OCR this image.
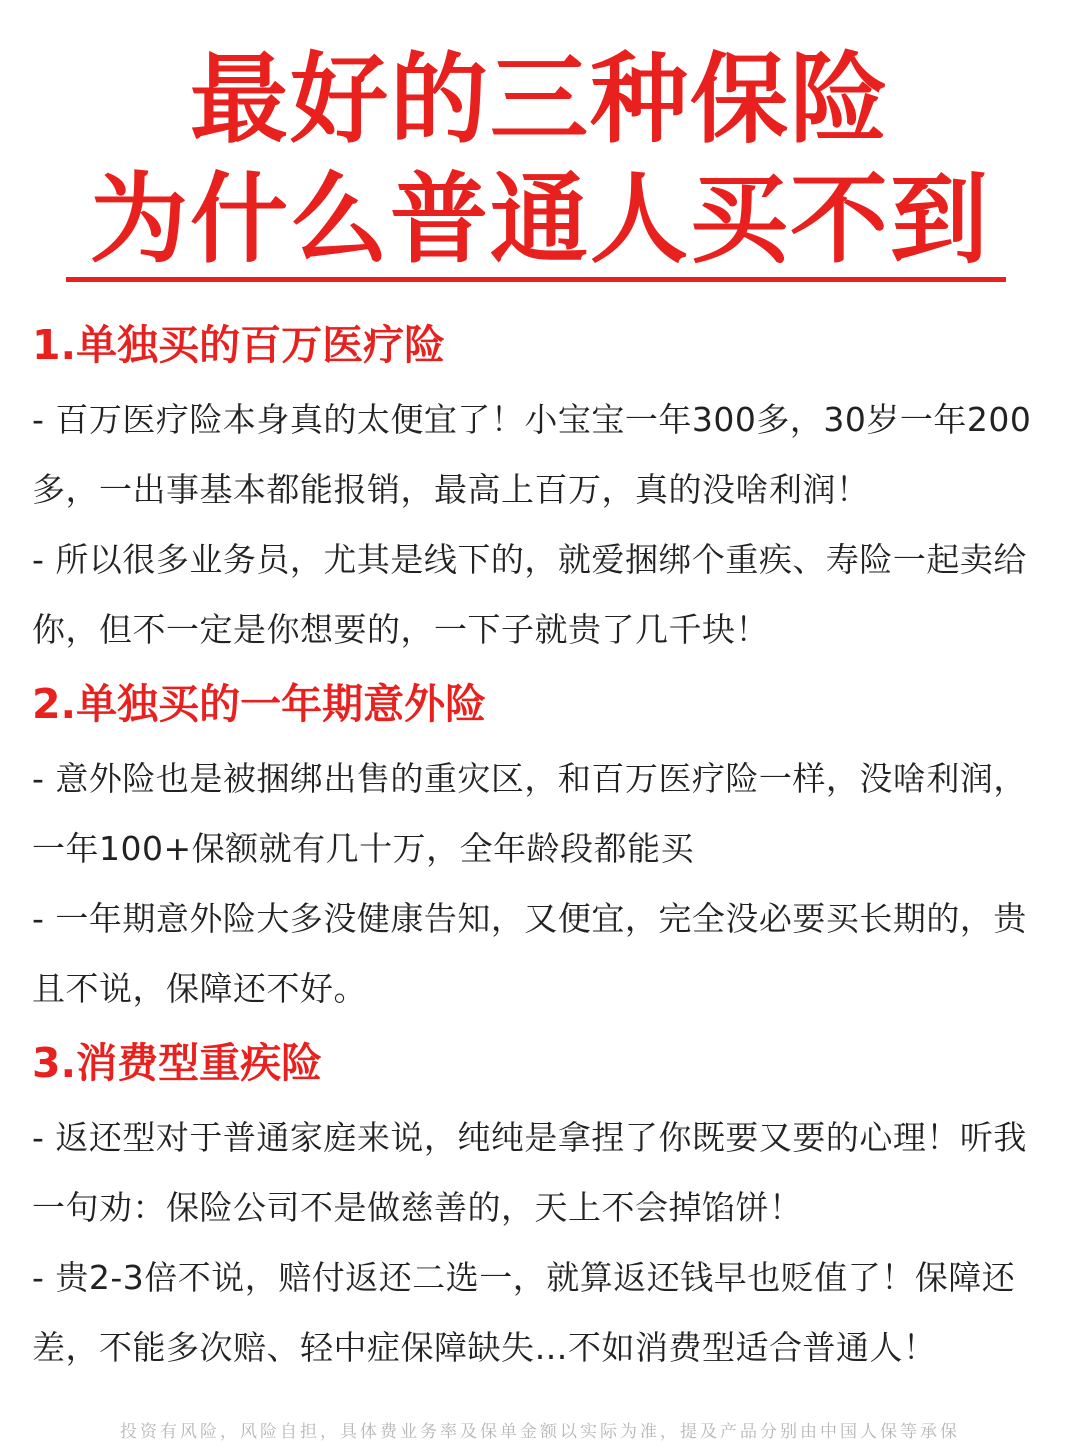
最好的三种保险
为什么普通人买不到
1.单独买的百万医疗险

- 百万医疗险本身真的太便宜了！小宝宝一年300多，30岁一年200多，一出事基本都能报销，最高上百万，真的没啥利润！

- 所以很多业务员，尤其是线下的，就爱捆绑个重疾、寿险一起卖给你，但不一定是你想要的，一下子就贵了几千块！

2.单独买的一年期意外险

- 意外险也是被捆绑出售的重灾区，和百万医疗险一样，没啥利润，一年100+保额就有几十万，全年龄段都能买

- 一年期意外险大多没健康告知，又便宜，完全没必要买长期的，贵且不说，保障还不好。

3.消费型重疾险

- 返还型对于普通家庭来说，纯纯是拿捏了你既要又要的心理！听我一句劝：保险公司不是做慈善的，天上不会掉馅饼！

- 贵2-3倍不说，赔付返还二选一，就算返还钱早也贬值了！保障还差，不能多次赔、轻中症保障缺失…不如消费型适合普通人！

投资有风险，风险自担，具体费业务率及保单金额以实际为准，提及产品分别由中国人保等承保
